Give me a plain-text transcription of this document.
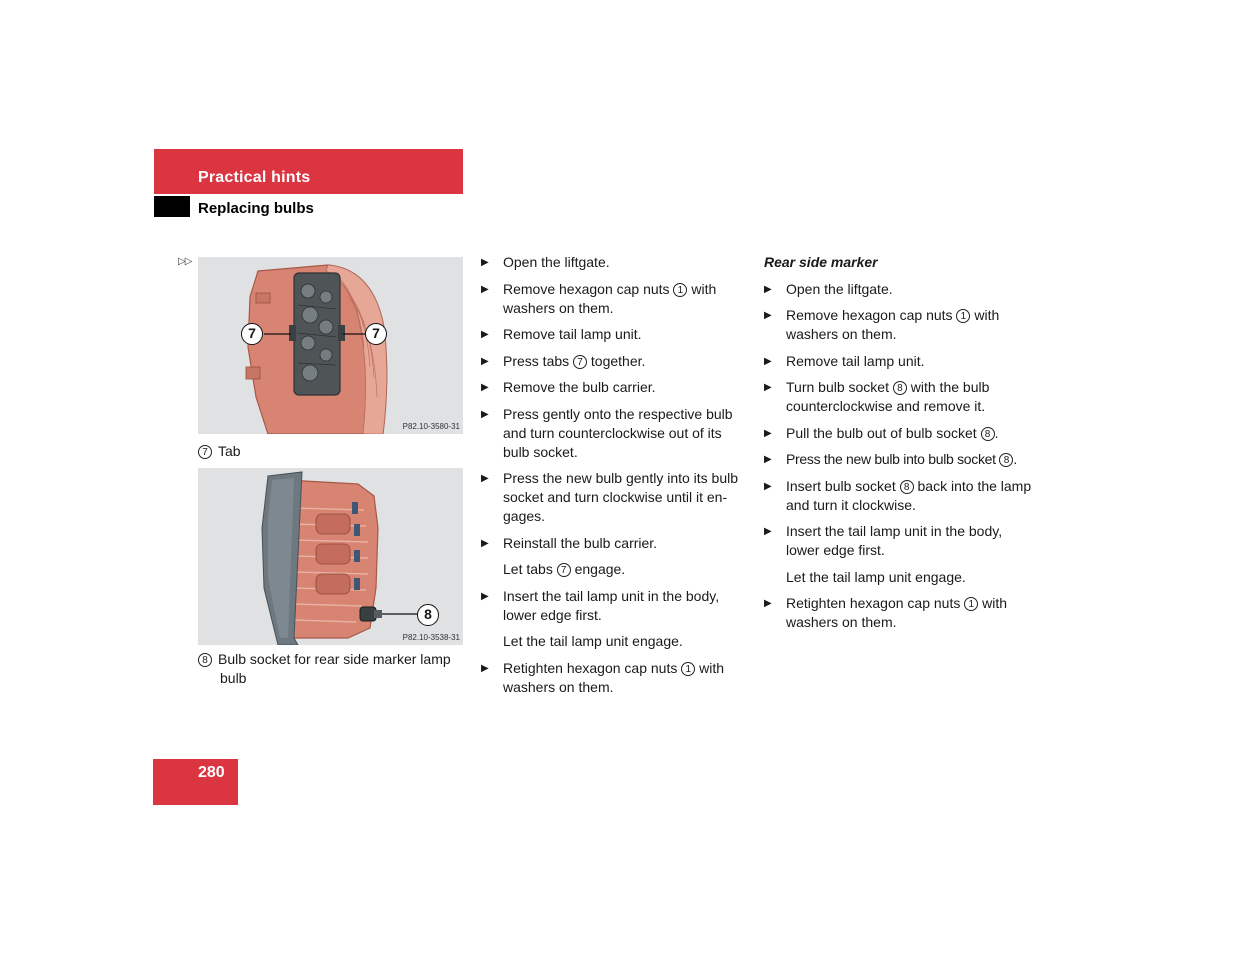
Practical hints
Replacing bulbs
▷▷
7	7
P82.10-3580-31
7 Tab
8
P82.10-3538-31
8 Bulb socket for rear side marker lamp bulb
▶ Open the liftgate.
▶ Remove hexagon cap nuts 1 with washers on them.
▶ Remove tail lamp unit.
▶ Press tabs 7 together.
▶ Remove the bulb carrier.
▶ Press gently onto the respective bulb and turn counterclockwise out of its bulb socket.
▶ Press the new bulb gently into its bulb socket and turn clockwise until it en-gages.
▶ Reinstall the bulb carrier.
Let tabs 7 engage.
▶ Insert the tail lamp unit in the body, lower edge first.
Let the tail lamp unit engage.
▶ Retighten hexagon cap nuts 1 with washers on them.
Rear side marker
▶ Open the liftgate.
▶ Remove hexagon cap nuts 1 with washers on them.
▶ Remove tail lamp unit.
▶ Turn bulb socket 8 with the bulb counterclockwise and remove it.
▶ Pull the bulb out of bulb socket 8 .
▶ Press the new bulb into bulb socket 8 .
▶ Insert bulb socket 8 back into the lamp and turn it clockwise.
▶ Insert the tail lamp unit in the body, lower edge first.
Let the tail lamp unit engage.
▶ Retighten hexagon cap nuts 1 with washers on them.
280
